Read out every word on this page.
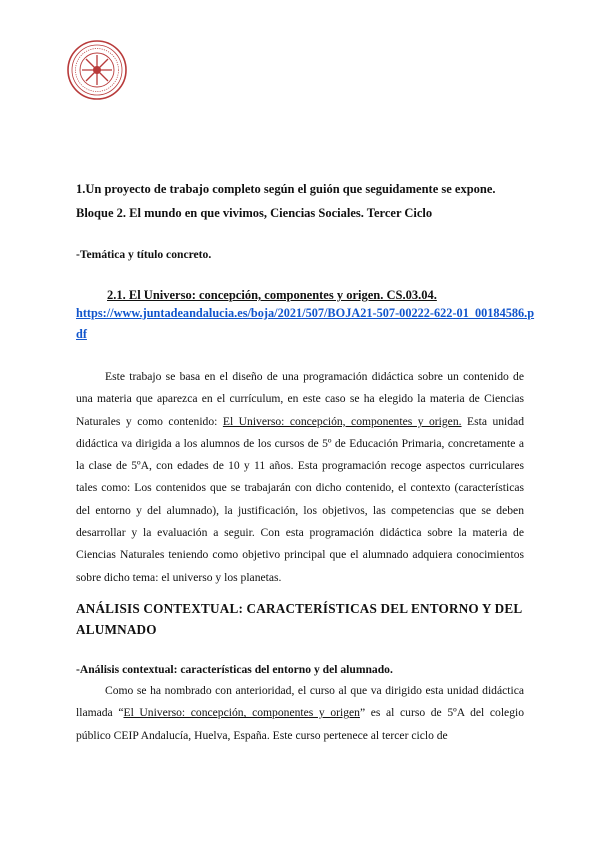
1.Un proyecto de trabajo completo según el guión que seguidamente se expone.
Bloque 2. El mundo en que vivimos, Ciencias Sociales. Tercer Ciclo
-Temática y título concreto.
2.1. El Universo: concepción, componentes y origen. CS.03.04.
https://www.juntadeandalucia.es/boja/2021/507/BOJA21-507-00222-622-01_00184586.p
df
Este trabajo se basa en el diseño de una programación didáctica sobre un contenido de una materia que aparezca en el currículum, en este caso se ha elegido la materia de Ciencias Naturales y como contenido: El Universo: concepción, componentes y origen. Esta unidad didáctica va dirigida a los alumnos de los cursos de 5º de Educación Primaria, concretamente a la clase de 5ºA, con edades de 10 y 11 años. Esta programación recoge aspectos curriculares tales como: Los contenidos que se trabajarán con dicho contenido, el contexto (características del entorno y del alumnado), la justificación, los objetivos, las competencias que se deben desarrollar y la evaluación a seguir. Con esta programación didáctica sobre la materia de Ciencias Naturales teniendo como objetivo principal que el alumnado adquiera conocimientos sobre dicho tema: el universo y los planetas.
ANÁLISIS CONTEXTUAL: CARACTERÍSTICAS DEL ENTORNO Y DEL ALUMNADO
-Análisis contextual: características del entorno y del alumnado.
Como se ha nombrado con anterioridad, el curso al que va dirigido esta unidad didáctica llamada “El Universo: concepción, componentes y origen” es al curso de 5ºA del colegio público CEIP Andalucía, Huelva, España. Este curso pertenece al tercer ciclo de
